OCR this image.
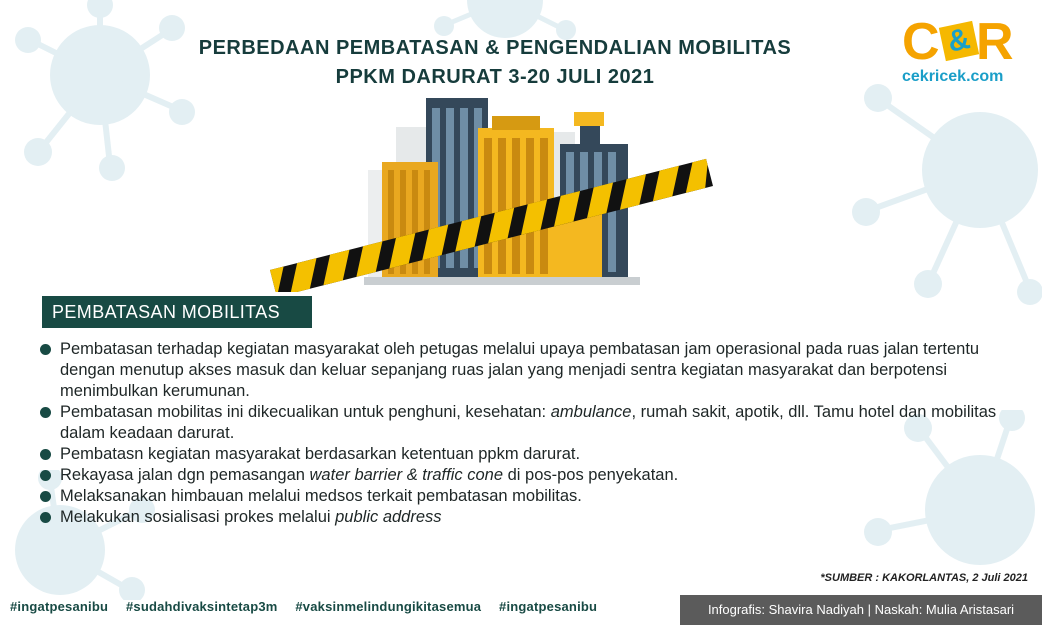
PERBEDAAN PEMBATASAN & PENGENDALIAN MOBILITAS
PPKM DARURAT 3-20 JULI 2021
C & R
cekricek.com
PEMBATASAN MOBILITAS
Pembatasan terhadap kegiatan masyarakat oleh petugas melalui upaya pembatasan jam operasional pada ruas jalan tertentu dengan menutup akses masuk dan keluar sepanjang ruas jalan yang menjadi sentra kegiatan masyarakat dan berpotensi menimbulkan kerumunan.
Pembatasan mobilitas ini dikecualikan untuk penghuni, kesehatan: ambulance, rumah sakit, apotik, dll. Tamu hotel dan mobilitas dalam keadaan darurat.
Pembatasn kegiatan masyarakat berdasarkan ketentuan ppkm darurat.
Rekayasa jalan dgn pemasangan water barrier & traffic cone di pos-pos penyekatan.
Melaksanakan himbauan melalui medsos terkait pembatasan mobilitas.
Melakukan sosialisasi prokes melalui public address
*SUMBER : KAKORLANTAS, 2 Juli 2021
#ingatpesanibu #sudahdivaksintetap3m #vaksinmelindungikitasemua #ingatpesanibu	Infografis: Shavira Nadiyah | Naskah: Mulia Aristasari
